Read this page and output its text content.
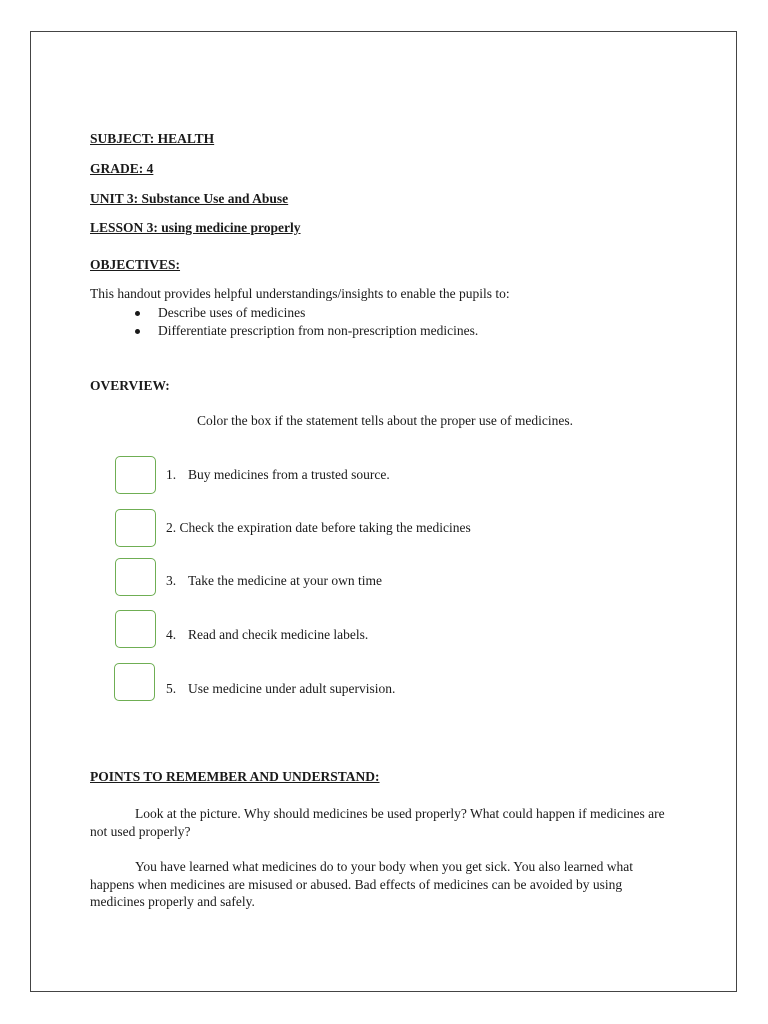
SUBJECT: HEALTH
GRADE: 4
UNIT 3: Substance Use and Abuse
LESSON 3: using medicine properly
OBJECTIVES:
This handout provides helpful understandings/insights to enable the pupils to:
Describe uses of medicines
Differentiate prescription from non-prescription medicines.
OVERVIEW:
Color the box if the statement tells about the proper use of medicines.
1. Buy medicines from a trusted source.
2. Check the expiration date before taking the medicines
3. Take the medicine at your own time
4. Read and checik medicine labels.
5. Use medicine under adult supervision.
POINTS TO REMEMBER AND UNDERSTAND:

Look at the picture. Why should medicines be used properly? What could happen if medicines are not used properly?

You have learned what medicines do to your body when you get sick. You also learned what happens when medicines are misused or abused. Bad effects of medicines can be avoided by using medicines properly and safely.
